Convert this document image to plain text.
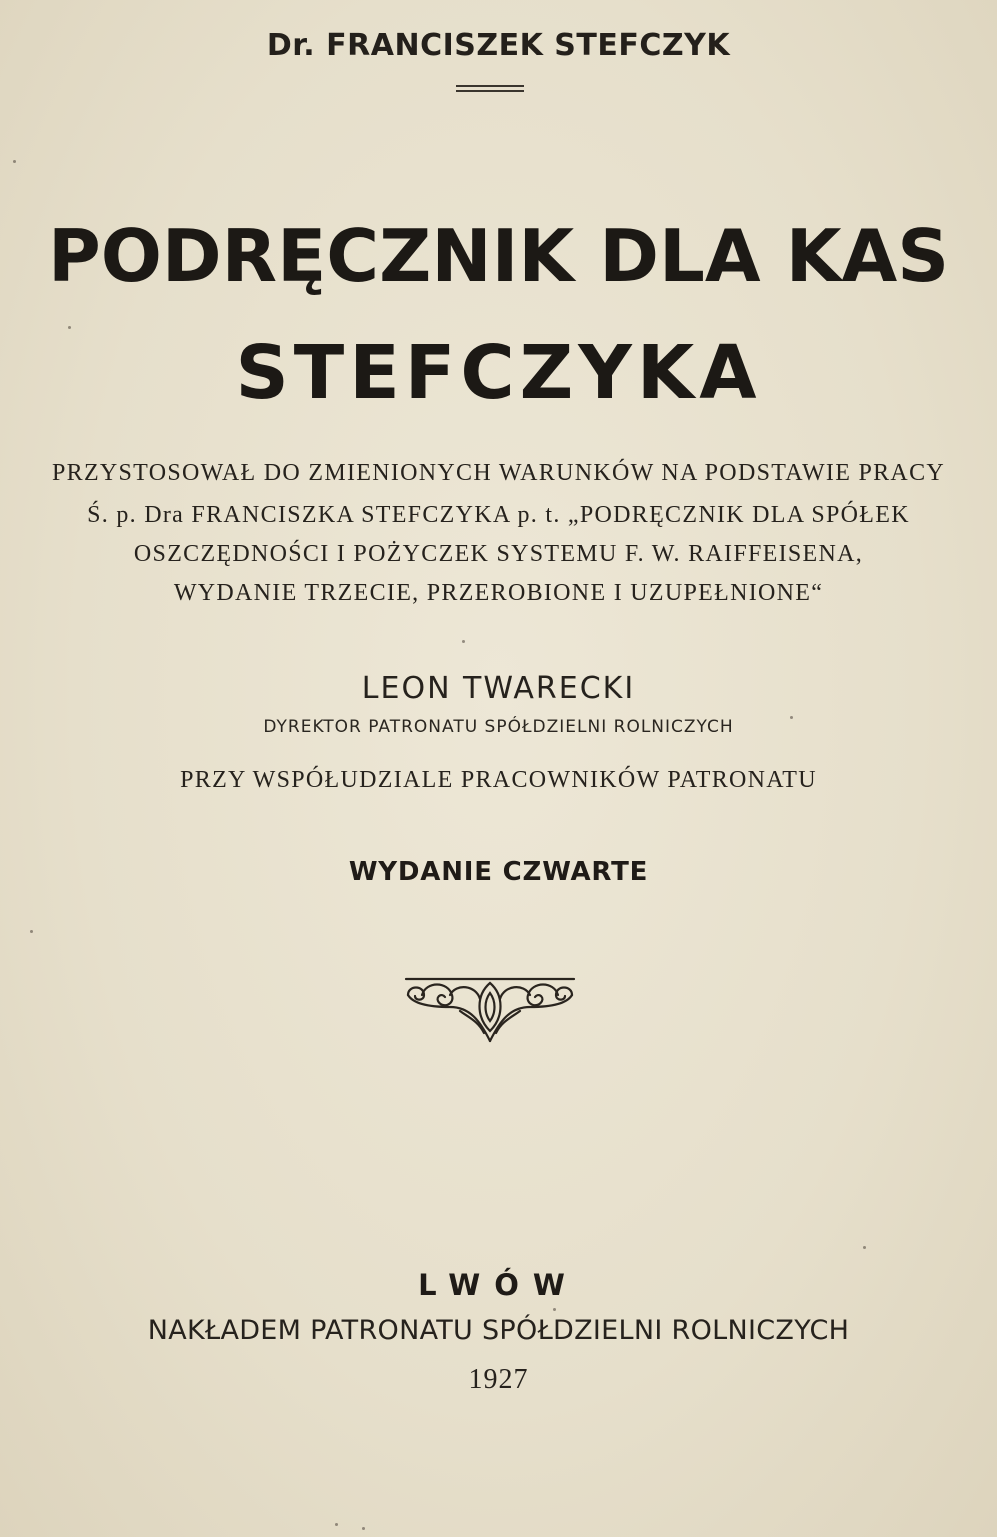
Dr. FRANCISZEK STEFCZYK
PODRĘCZNIK DLA KAS
STEFCZYKA
PRZYSTOSOWAŁ DO ZMIENIONYCH WARUNKÓW NA PODSTAWIE PRACY
Ś. p. Dra FRANCISZKA STEFCZYKA p. t. „PODRĘCZNIK DLA SPÓŁEK
OSZCZĘDNOŚCI I POŻYCZEK SYSTEMU F. W. RAIFFEISENA,
WYDANIE TRZECIE, PRZEROBIONE I UZUPEŁNIONE“
LEON TWARECKI
DYREKTOR PATRONATU SPÓŁDZIELNI ROLNICZYCH
PRZY WSPÓŁUDZIALE PRACOWNIKÓW PATRONATU
WYDANIE CZWARTE
LWÓW
NAKŁADEM PATRONATU SPÓŁDZIELNI ROLNICZYCH
1927
